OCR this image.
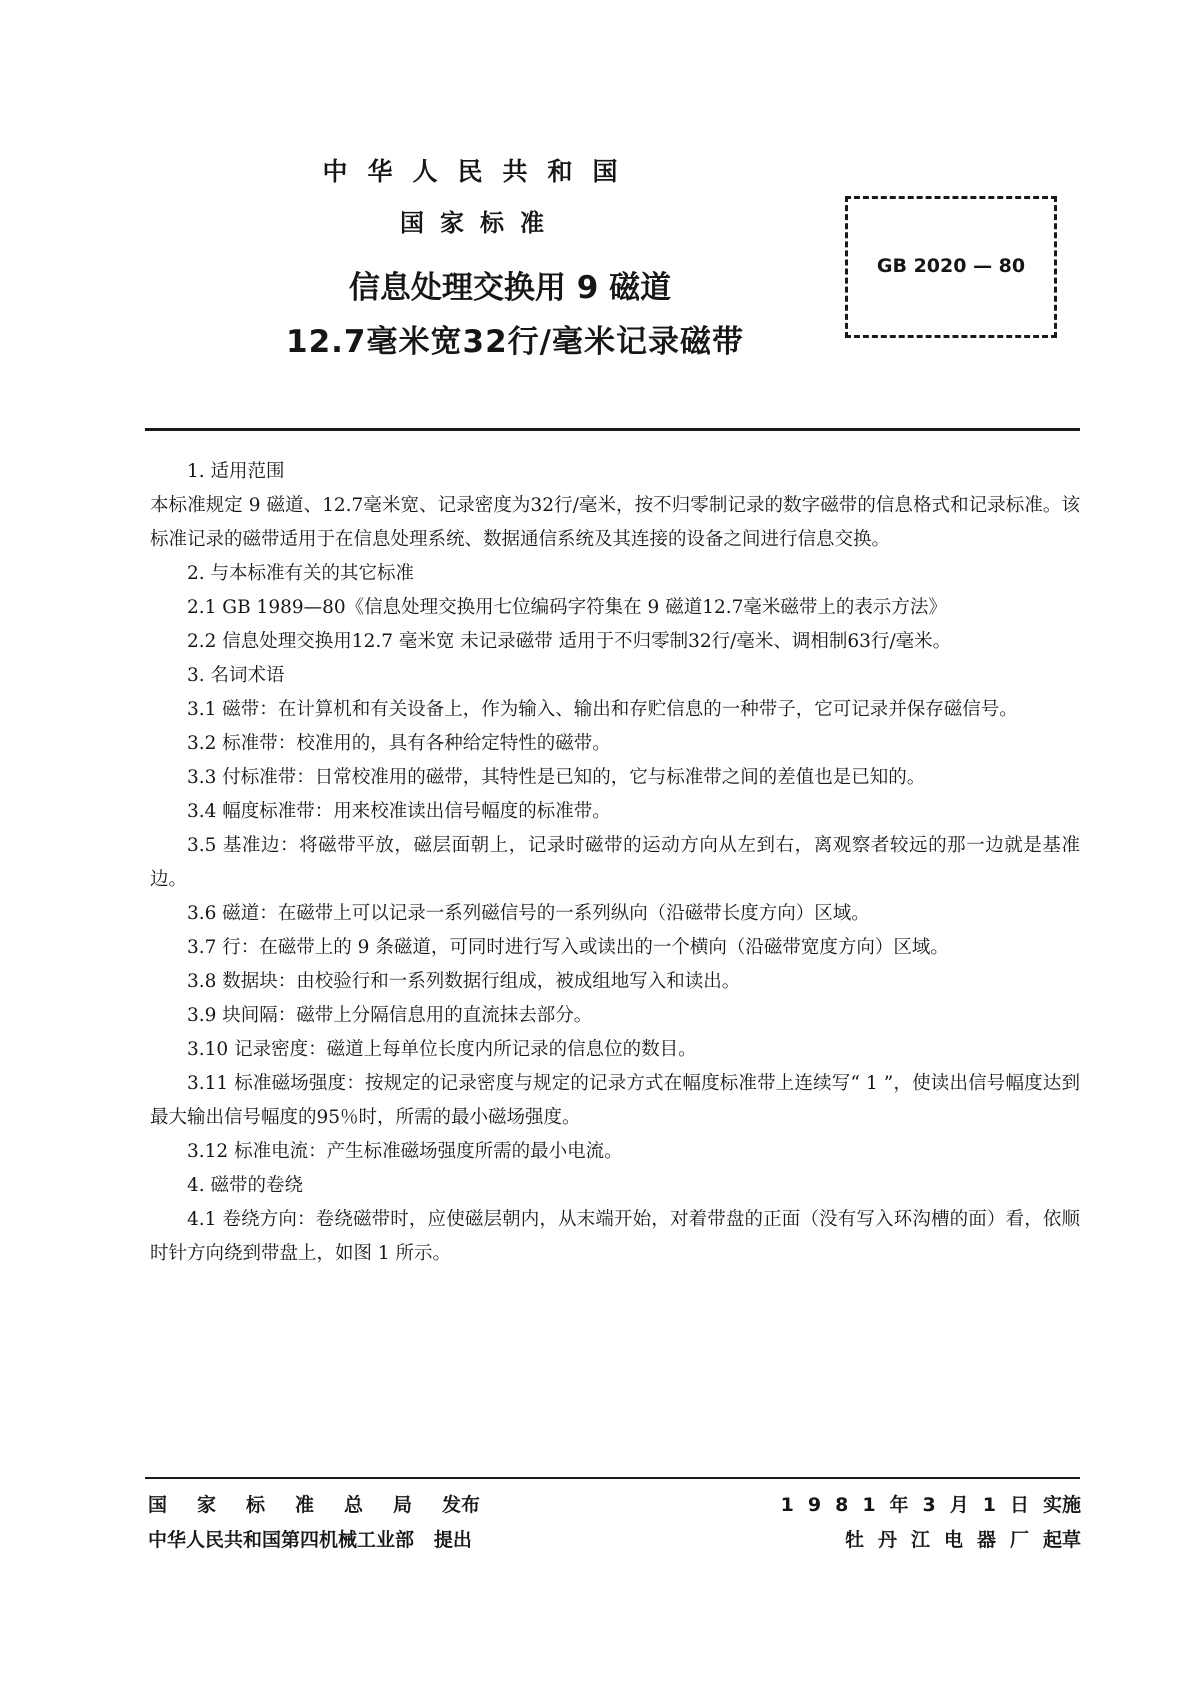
中华人民共和国
国家标准
信息处理交换用 9 磁道
12.7毫米宽32行/毫米记录磁带
GB 2020 — 80

1. 适用范围

本标准规定 9 磁道、12.7毫米宽、记录密度为32行/毫米，按不归零制记录的数字磁带的信息格式和记录标准。该标准记录的磁带适用于在信息处理系统、数据通信系统及其连接的设备之间进行信息交换。

2. 与本标准有关的其它标准

2.1 GB 1989—80《信息处理交换用七位编码字符集在 9 磁道12.7毫米磁带上的表示方法》

2.2 信息处理交换用12.7 毫米宽 未记录磁带 适用于不归零制32行/毫米、调相制63行/毫米。

3. 名词术语

3.1 磁带：在计算机和有关设备上，作为输入、输出和存贮信息的一种带子，它可记录并保存磁信号。

3.2 标准带：校准用的，具有各种给定特性的磁带。

3.3 付标准带：日常校准用的磁带，其特性是已知的，它与标准带之间的差值也是已知的。

3.4 幅度标准带：用来校准读出信号幅度的标准带。

3.5 基准边：将磁带平放，磁层面朝上，记录时磁带的运动方向从左到右，离观察者较远的那一边就是基准边。

3.6 磁道：在磁带上可以记录一系列磁信号的一系列纵向（沿磁带长度方向）区域。

3.7 行：在磁带上的 9 条磁道，可同时进行写入或读出的一个横向（沿磁带宽度方向）区域。

3.8 数据块：由校验行和一系列数据行组成，被成组地写入和读出。

3.9 块间隔：磁带上分隔信息用的直流抹去部分。

3.10 记录密度：磁道上每单位长度内所记录的信息位的数目。

3.11 标准磁场强度：按规定的记录密度与规定的记录方式在幅度标准带上连续写“ 1 ”，使读出信号幅度达到最大输出信号幅度的95％时，所需的最小磁场强度。

3.12 标准电流：产生标准磁场强度所需的最小电流。

4. 磁带的卷绕

4.1 卷绕方向：卷绕磁带时，应使磁层朝内，从末端开始，对着带盘的正面（没有写入环沟槽的面）看，依顺时针方向绕到带盘上，如图 1 所示。

国家标准总局发布
中华人民共和国第四机械工业部 提出
1981年3月1日实施
牡丹江电器厂起草
